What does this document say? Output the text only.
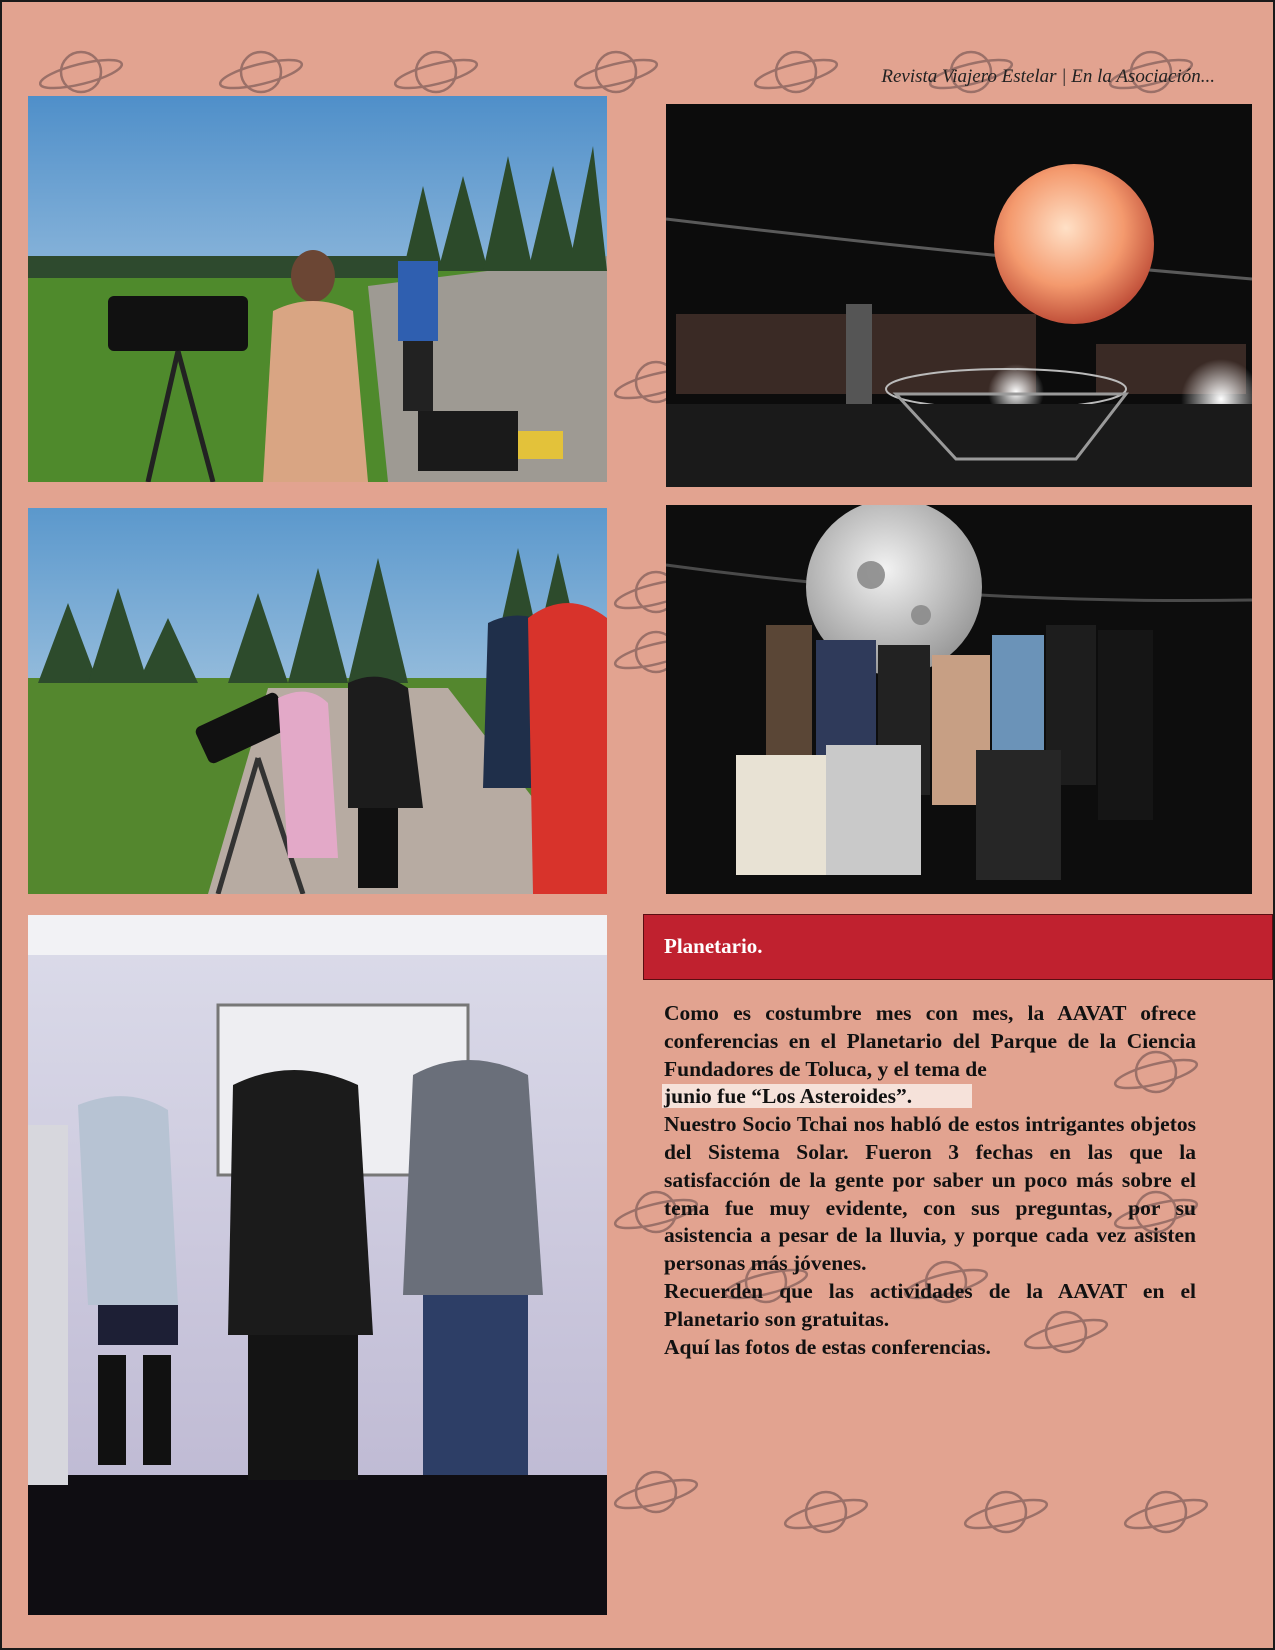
Revista Viajero Estelar | En la Asociación...
Planetario.

Como es costumbre mes con mes, la AAVAT ofrece conferencias en el Planetario del Parque de la Ciencia Fundadores de Toluca, y el tema de

junio fue “Los Asteroides”.

Nuestro Socio Tchai nos habló de estos intrigantes objetos del Sistema Solar. Fueron 3 fechas en las que la satisfacción de la gente por saber un poco más sobre el tema fue muy evidente, con sus preguntas, por su asistencia a pesar de la lluvia, y porque cada vez asisten personas más jóvenes.

Recuerden que las actividades de la AAVAT en el Planetario son gratuitas.

Aquí las fotos de estas conferencias.
